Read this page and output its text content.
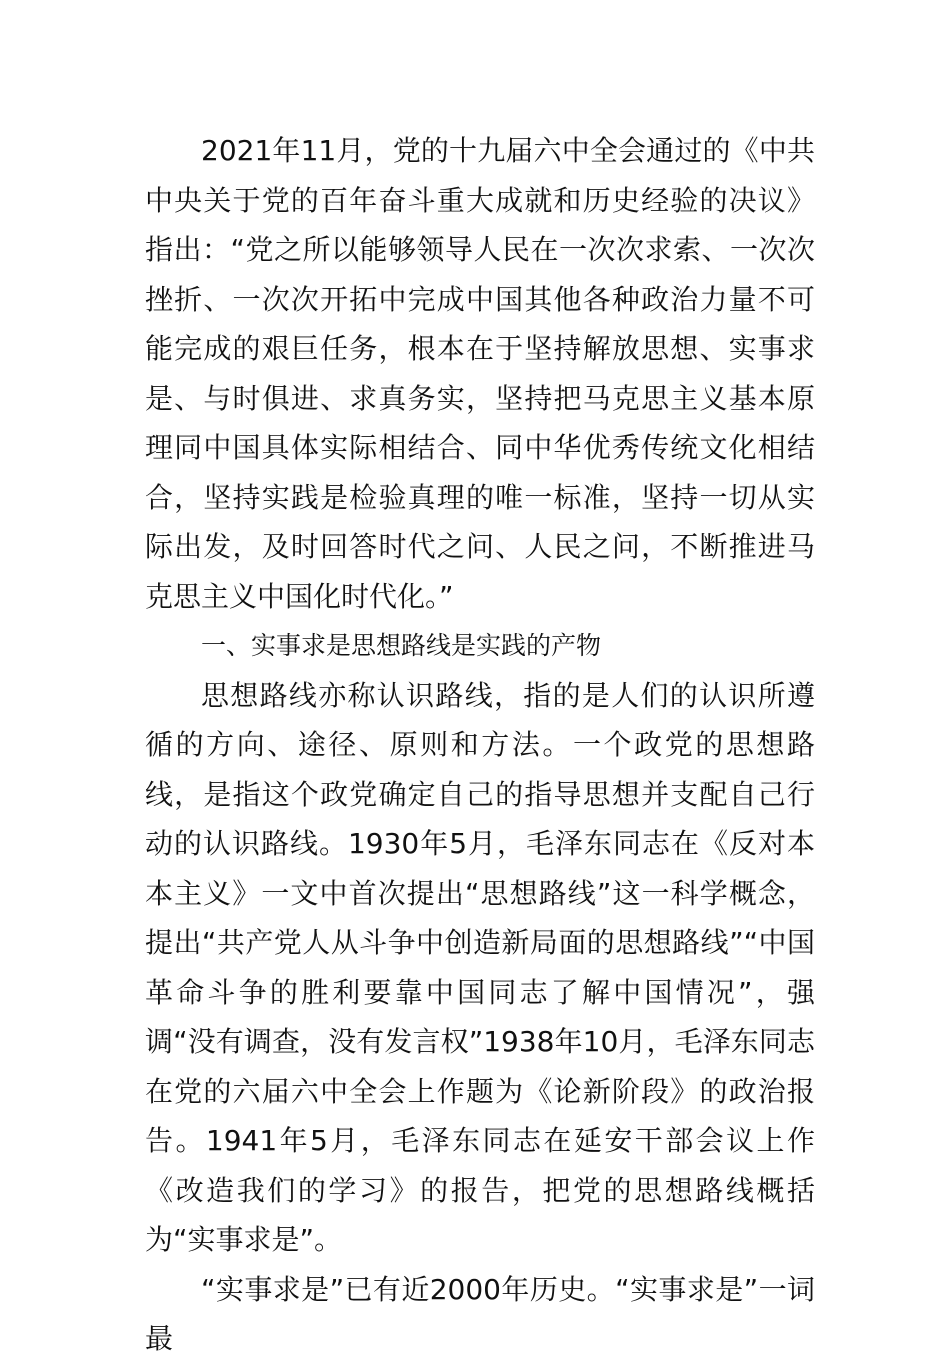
2021年11月，党的十九届六中全会通过的《中共中央关于党的百年奋斗重大成就和历史经验的决议》指出：“党之所以能够领导人民在一次次求索、一次次挫折、一次次开拓中完成中国其他各种政治力量不可能完成的艰巨任务，根本在于坚持解放思想、实事求是、与时俱进、求真务实，坚持把马克思主义基本原理同中国具体实际相结合、同中华优秀传统文化相结合，坚持实践是检验真理的唯一标准，坚持一切从实际出发，及时回答时代之问、人民之问，不断推进马克思主义中国化时代化。”

一、实事求是思想路线是实践的产物

思想路线亦称认识路线，指的是人们的认识所遵循的方向、途径、原则和方法。一个政党的思想路线，是指这个政党确定自己的指导思想并支配自己行动的认识路线。1930年5月，毛泽东同志在《反对本本主义》一文中首次提出“思想路线”这一科学概念，提出“共产党人从斗争中创造新局面的思想路线”“中国革命斗争的胜利要靠中国同志了解中国情况”，强调“没有调查，没有发言权”1938年10月，毛泽东同志在党的六届六中全会上作题为《论新阶段》的政治报告。1941年5月，毛泽东同志在延安干部会议上作《改造我们的学习》的报告，把党的思想路线概括为“实事求是”。

“实事求是”已有近2000年历史。“实事求是”一词最
